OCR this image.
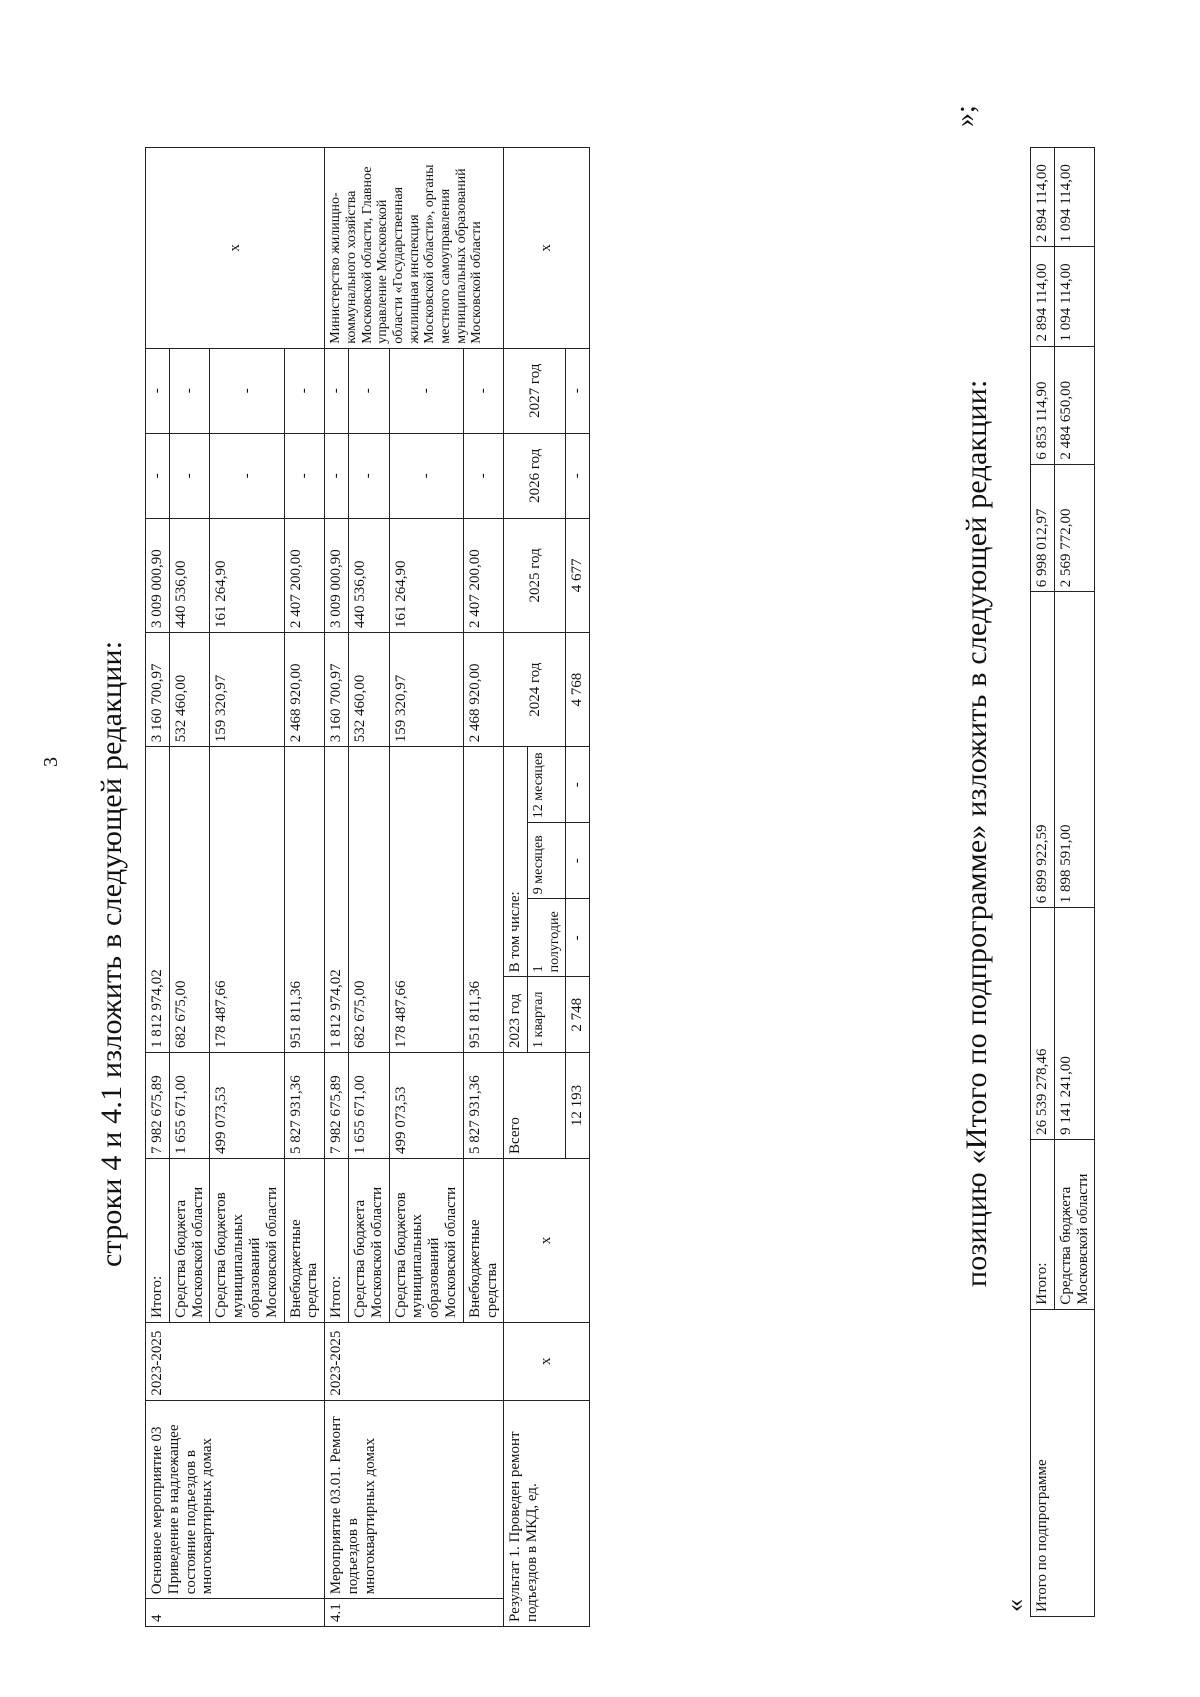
3 строки 4 и 4.1 изложить в следующей редакции:
4	Основное мероприятие 03 Приведение в надлежащее состояние подъездов в многоквартирных домах	2023-2025	Итого:	7 982 675,89	1 812 974,02				3 160 700,97	3 009 000,90	-	-	x
			Средства бюджета Московской области	1 655 671,00	682 675,00				532 460,00	440 536,00	-	-	
			Средства бюджетов муниципальных образований Московской области	499 073,53	178 487,66				159 320,97	161 264,90	-	-	
			Внебюджетные средства	5 827 931,36	951 811,36				2 468 920,00	2 407 200,00	-	-	
4.1	Мероприятие 03.01. Ремонт подъездов в многоквартирных домах	2023-2025	Итого:	7 982 675,89	1 812 974,02				3 160 700,97	3 009 000,90	-	-	Министерство жилищно-коммунального хозяйства Московской области, Главное управление Московской области «Государственная жилищная инспекция Московской области», органы местного самоуправления муниципальных образований Московской области
			Средства бюджета Московской области	1 655 671,00	682 675,00				532 460,00	440 536,00	-	-	
			Средства бюджетов муниципальных образований Московской области	499 073,53	178 487,66				159 320,97	161 264,90	-	-	
			Внебюджетные средства	5 827 931,36	951 811,36				2 468 920,00	2 407 200,00	-	-	
Результат 1. Проведен ремонт подъездов в МКД, ед.		x	x	Всего	2023 год	В том числе:			2024 год	2025 год	2026 год	2027 год	x
					1 квартал	1 полугодие	9 месяцев	12 месяцев					
				12 193	2 748	-	-	-	4 768	4 677	-	-	
»;
позицию «Итого по подпрограмме» изложить в следующей редакции:
« Итого по подпрограмме	Итого:	26 539 278,46	6 899 922,59	6 998 012,97	6 853 114,90	2 894 114,00	2 894 114,00
	Средства бюджета Московской области	9 141 241,00	1 898 591,00	2 569 772,00	2 484 650,00	1 094 114,00	1 094 114,00
